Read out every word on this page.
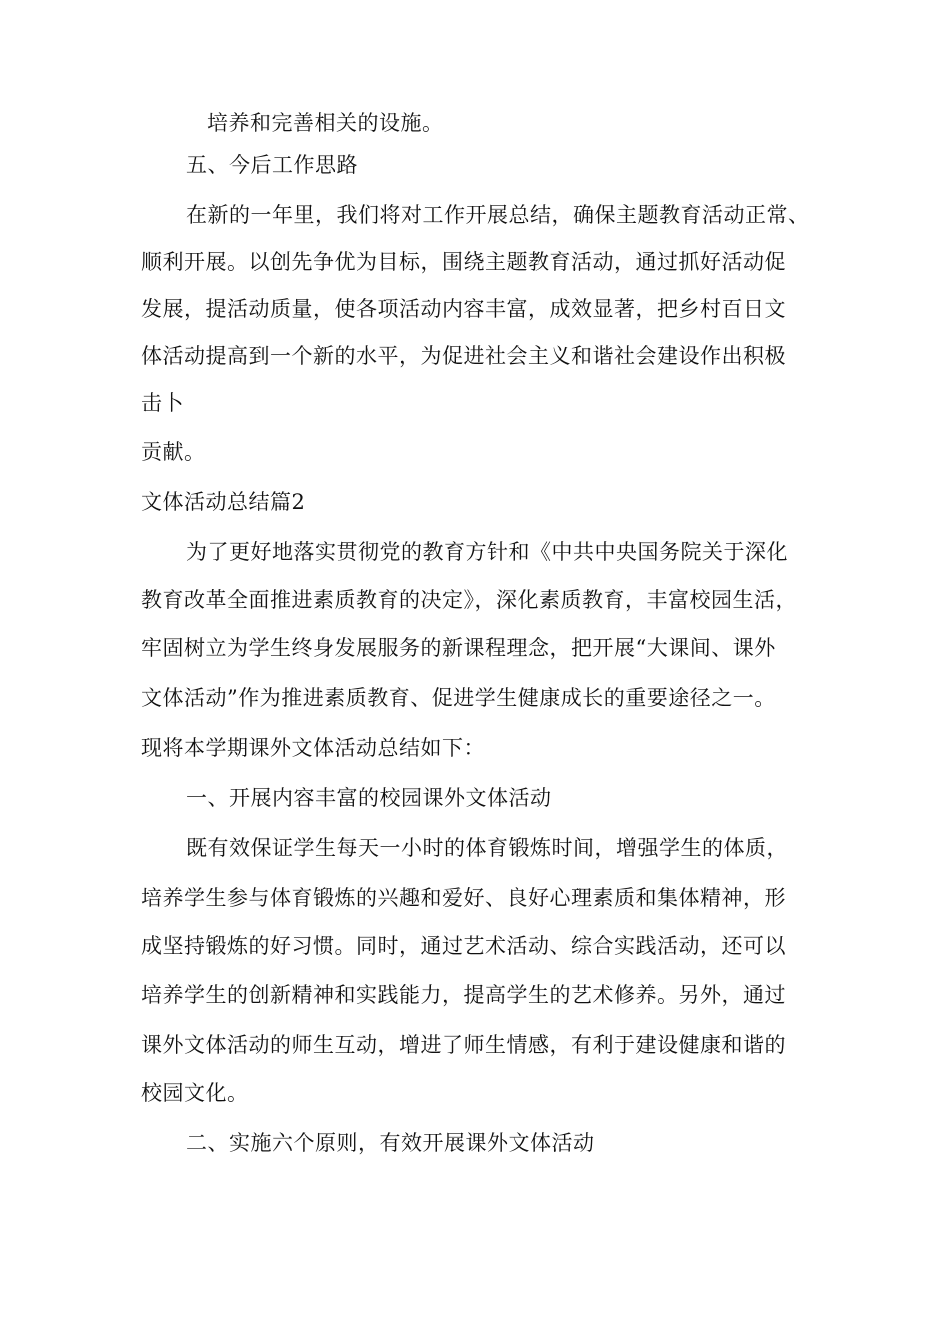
培养和完善相关的设施。
五、今后工作思路
在新的一年里，我们将对工作开展总结，确保主题教育活动正常、
顺利开展。以创先争优为目标，围绕主题教育活动，通过抓好活动促
发展，提活动质量，使各项活动内容丰富，成效显著，把乡村百日文
体活动提高到一个新的水平，为促进社会主义和谐社会建设作出积极
击卜
贡献。
文体活动总结篇2
为了更好地落实贯彻党的教育方针和《中共中央国务院关于深化
教育改革全面推进素质教育的决定》，深化素质教育，丰富校园生活，
牢固树立为学生终身发展服务的新课程理念，把开展“大课间、课外
文体活动”作为推进素质教育、促进学生健康成长的重要途径之一。
现将本学期课外文体活动总结如下：
一、开展内容丰富的校园课外文体活动
既有效保证学生每天一小时的体育锻炼时间，增强学生的体质，
培养学生参与体育锻炼的兴趣和爱好、良好心理素质和集体精神，形
成坚持锻炼的好习惯。同时，通过艺术活动、综合实践活动，还可以
培养学生的创新精神和实践能力，提高学生的艺术修养。另外，通过
课外文体活动的师生互动，增进了师生情感，有利于建设健康和谐的
校园文化。
二、实施六个原则，有效开展课外文体活动
